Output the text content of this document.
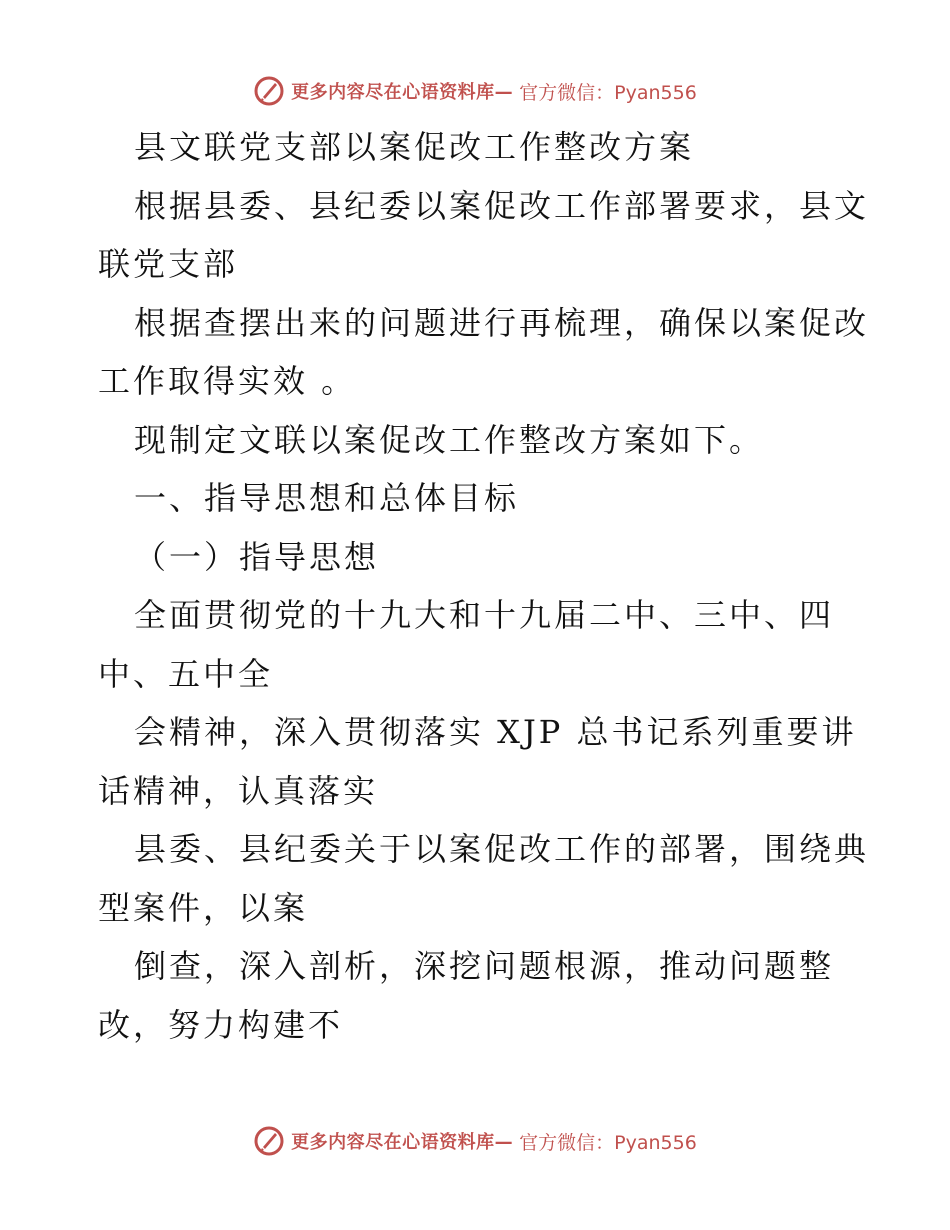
更多内容尽在心语资料库— 官方微信：Pyan556
县文联党支部以案促改工作整改方案
根据县委、县纪委以案促改工作部署要求，县文
联党支部
根据查摆出来的问题进行再梳理，确保以案促改
工作取得实效 。
现制定文联以案促改工作整改方案如下。
一、指导思想和总体目标
（一）指导思想
全面贯彻党的十九大和十九届二中、三中、四
中、五中全
会精神，深入贯彻落实 XJP 总书记系列重要讲
话精神，认真落实
县委、县纪委关于以案促改工作的部署，围绕典
型案件，以案
倒查，深入剖析，深挖问题根源，推动问题整
改，努力构建不
更多内容尽在心语资料库— 官方微信：Pyan556
